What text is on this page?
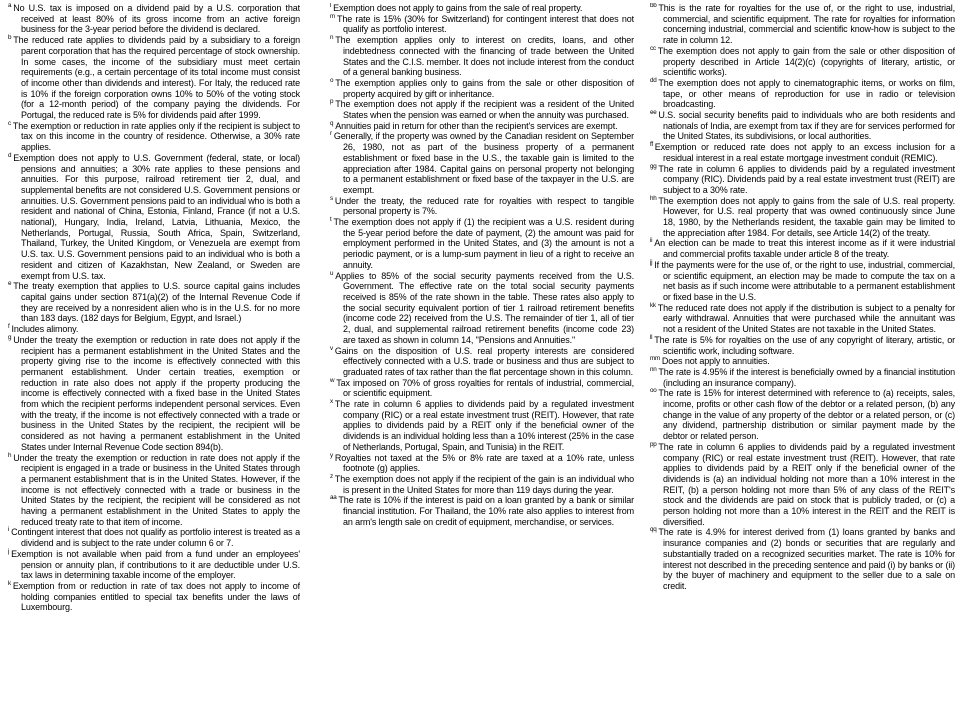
$^a$ No U.S. tax is imposed on a dividend paid by a U.S. corporation that received at least 80% of its gross income from an active foreign business for the 3-year period before the dividend is declared.

$^b$ The reduced rate applies to dividends paid by a subsidiary to a foreign parent corporation that has the required percentage of stock ownership. In some cases, the income of the subsidiary must meet certain requirements (e.g., a certain percentage of its total income must consist of income other than dividends and interest). For Italy, the reduced rate is 10% if the foreign corporation owns 10% to 50% of the voting stock (for a 12-month period) of the company paying the dividends. For Portugal, the reduced rate is 5% for dividends paid after 1999.

$^c$ The exemption or reduction in rate applies only if the recipient is subject to tax on this income in the country of residence. Otherwise, a 30% rate applies.

$^d$ Exemption does not apply to U.S. Government (federal, state, or local) pensions and annuities; a 30% rate applies to these pensions and annuities. For this purpose, railroad retirement tier 2, dual, and supplemental benefits are not considered U.S. Government pensions or annuities. U.S. Government pensions paid to an individual who is both a resident and national of China, Estonia, Finland, France (if not a U.S. national), Hungary, India, Ireland, Latvia, Lithuania, Mexico, the Netherlands, Portugal, Russia, South Africa, Spain, Switzerland, Thailand, Turkey, the United Kingdom, or Venezuela are exempt from U.S. tax. U.S. Government pensions paid to an individual who is both a resident and citizen of Kazakhstan, New Zealand, or Sweden are exempt from U.S. tax.

$^e$ The treaty exemption that applies to U.S. source capital gains includes capital gains under section 871(a)(2) of the Internal Revenue Code if they are received by a nonresident alien who is in the U.S. for no more than 183 days. (182 days for Belgium, Egypt, and Israel.)

$^f$ Includes alimony.

$^g$ Under the treaty the exemption or reduction in rate does not apply if the recipient has a permanent establishment in the United States and the property giving rise to the income is effectively connected with this permanent establishment. Under certain treaties, exemption or reduction in rate also does not apply if the property producing the income is effectively connected with a fixed base in the United States from which the recipient performs independent personal services. Even with the treaty, if the income is not effectively connected with a trade or business in the United States by the recipient, the recipient will be considered as not having a permanent establishment in the United States under Internal Revenue Code section 894(b).

$^h$ Under the treaty the exemption or reduction in rate does not apply if the recipient is engaged in a trade or business in the United States through a permanent establishment that is in the United States. However, if the income is not effectively connected with a trade or business in the United States by the recipient, the recipient will be considered as not having a permanent establishment in the United States to apply the reduced treaty rate to that item of income.

$^i$ Contingent interest that does not qualify as portfolio interest is treated as a dividend and is subject to the rate under column 6 or 7.

$^j$ Exemption is not available when paid from a fund under an employees' pension or annuity plan, if contributions to it are deductible under U.S. tax laws in determining taxable income of the employer.

$^k$ Exemption from or reduction in rate of tax does not apply to income of holding companies entitled to special tax benefits under the laws of Luxembourg.

$^l$ Exemption does not apply to gains from the sale of real property.

$^m$ The rate is 15% (30% for Switzerland) for contingent interest that does not qualify as portfolio interest.

$^n$ The exemption applies only to interest on credits, loans, and other indebtedness connected with the financing of trade between the United States and the C.I.S. member. It does not include interest from the conduct of a general banking business.

$^o$ The exemption applies only to gains from the sale or other disposition of property acquired by gift or inheritance.

$^p$ The exemption does not apply if the recipient was a resident of the United States when the pension was earned or when the annuity was purchased.

$^q$ Annuities paid in return for other than the recipient's services are exempt.

$^r$ Generally, if the property was owned by the Canadian resident on September 26, 1980, not as part of the business property of a permanent establishment or fixed base in the U.S., the taxable gain is limited to the appreciation after 1984. Capital gains on personal property not belonging to a permanent establishment or fixed base of the taxpayer in the U.S. are exempt.

$^s$ Under the treaty, the reduced rate for royalties with respect to tangible personal property is 7%.

$^t$ The exemption does not apply if (1) the recipient was a U.S. resident during the 5-year period before the date of payment, (2) the amount was paid for employment performed in the United States, and (3) the amount is not a periodic payment, or is a lump-sum payment in lieu of a right to receive an annuity.

$^u$ Applies to 85% of the social security payments received from the U.S. Government. The effective rate on the total social security payments received is 85% of the rate shown in the table. These rates also apply to the social security equivalent portion of tier 1 railroad retirement benefits (income code 22) received from the U.S. The remainder of tier 1, all of tier 2, dual, and supplemental railroad retirement benefits (income code 23) are taxed as shown in column 14, "Pensions and Annuities."

$^v$ Gains on the disposition of U.S. real property interests are considered effectively connected with a U.S. trade or business and thus are subject to graduated rates of tax rather than the flat percentage shown in this column.

$^w$ Tax imposed on 70% of gross royalties for rentals of industrial, commercial, or scientific equipment.

$^x$ The rate in column 6 applies to dividends paid by a regulated investment company (RIC) or a real estate investment trust (REIT). However, that rate applies to dividends paid by a REIT only if the beneficial owner of the dividends is an individual holding less than a 10% interest (25% in the case of Netherlands, Portugal, Spain, and Tunisia) in the REIT.

$^y$ Royalties not taxed at the 5% or 8% rate are taxed at a 10% rate, unless footnote (g) applies.

$^z$ The exemption does not apply if the recipient of the gain is an individual who is present in the United States for more than 119 days during the year.

$^{aa}$ The rate is 10% if the interest is paid on a loan granted by a bank or similar financial institution. For Thailand, the 10% rate also applies to interest from an arm's length sale on credit of equipment, merchandise, or services.

$^{bb}$ This is the rate for royalties for the use of, or the right to use, industrial, commercial, and scientific equipment. The rate for royalties for information concerning industrial, commercial and scientific know-how is subject to the rate in column 12.

$^{cc}$ The exemption does not apply to gain from the sale or other disposition of property described in Article 14(2)(c) (copyrights of literary, artistic, or scientific works).

$^{dd}$ The exemption does not apply to cinematographic items, or works on film, tape, or other means of reproduction for use in radio or television broadcasting.

$^{ee}$ U.S. social security benefits paid to individuals who are both residents and nationals of India, are exempt from tax if they are for services performed for the United States, its subdivisions, or local authorities.

$^{ff}$ Exemption or reduced rate does not apply to an excess inclusion for a residual interest in a real estate mortgage investment conduit (REMIC).

$^{gg}$ The rate in column 6 applies to dividends paid by a regulated investment company (RIC). Dividends paid by a real estate investment trust (REIT) are subject to a 30% rate.

$^{hh}$ The exemption does not apply to gains from the sale of U.S. real property. However, for U.S. real property that was owned continuously since June 18, 1980, by the Netherlands resident, the taxable gain may be limited to the appreciation after 1984. For details, see Article 14(2) of the treaty.

$^{ii}$ An election can be made to treat this interest income as if it were industrial and commercial profits taxable under article 8 of the treaty.

$^{jj}$ If the payments were for the use of, or the right to use, industrial, commercial, or scientific equipment, an election may be made to compute the tax on a net basis as if such income were attributable to a permanent establishment or fixed base in the U.S.

$^{kk}$ The reduced rate does not apply if the distribution is subject to a penalty for early withdrawal. Annuities that were purchased while the annuitant was not a resident of the United States are not taxable in the United States.

$^{ll}$ The rate is 5% for royalties on the use of any copyright of literary, artistic, or scientific work, including software.

$^{mm}$ Does not apply to annuities.

$^{nn}$ The rate is 4.95% if the interest is beneficially owned by a financial institution (including an insurance company).

$^{oo}$ The rate is 15% for interest determined with reference to (a) receipts, sales, income, profits or other cash flow of the debtor or a related person, (b) any change in the value of any property of the debtor or a related person, or (c) any dividend, partnership distribution or similar payment made by the debtor or related person.

$^{pp}$ The rate in column 6 applies to dividends paid by a regulated investment company (RIC) or real estate investment trust (REIT). However, that rate applies to dividends paid by a REIT only if the beneficial owner of the dividends is (a) an individual holding not more than a 10% interest in the REIT, (b) a person holding not more than 5% of any class of the REIT's stock and the dividends are paid on stock that is publicly traded, or (c) a person holding not more than a 10% interest in the REIT and the REIT is diversified.

$^{qq}$ The rate is 4.9% for interest derived from (1) loans granted by banks and insurance companies and (2) bonds or securities that are regularly and substantially traded on a recognized securities market. The rate is 10% for interest not described in the preceding sentence and paid (i) by banks or (ii) by the buyer of machinery and equipment to the seller due to a sale on credit.
